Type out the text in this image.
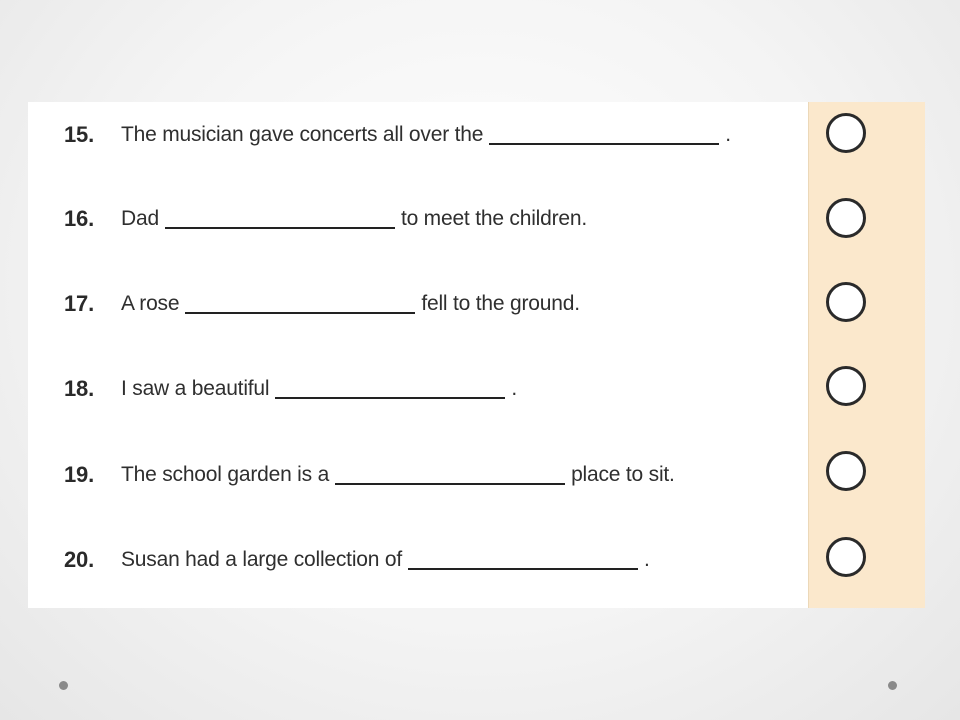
15.	The musician gave concerts all over the	.
16.	Dad	to meet the children.
17.	A rose	fell to the ground.
18.	I saw a beautiful	.
19.	The school garden is a	place to sit.
20.	Susan had a large collection of	.
